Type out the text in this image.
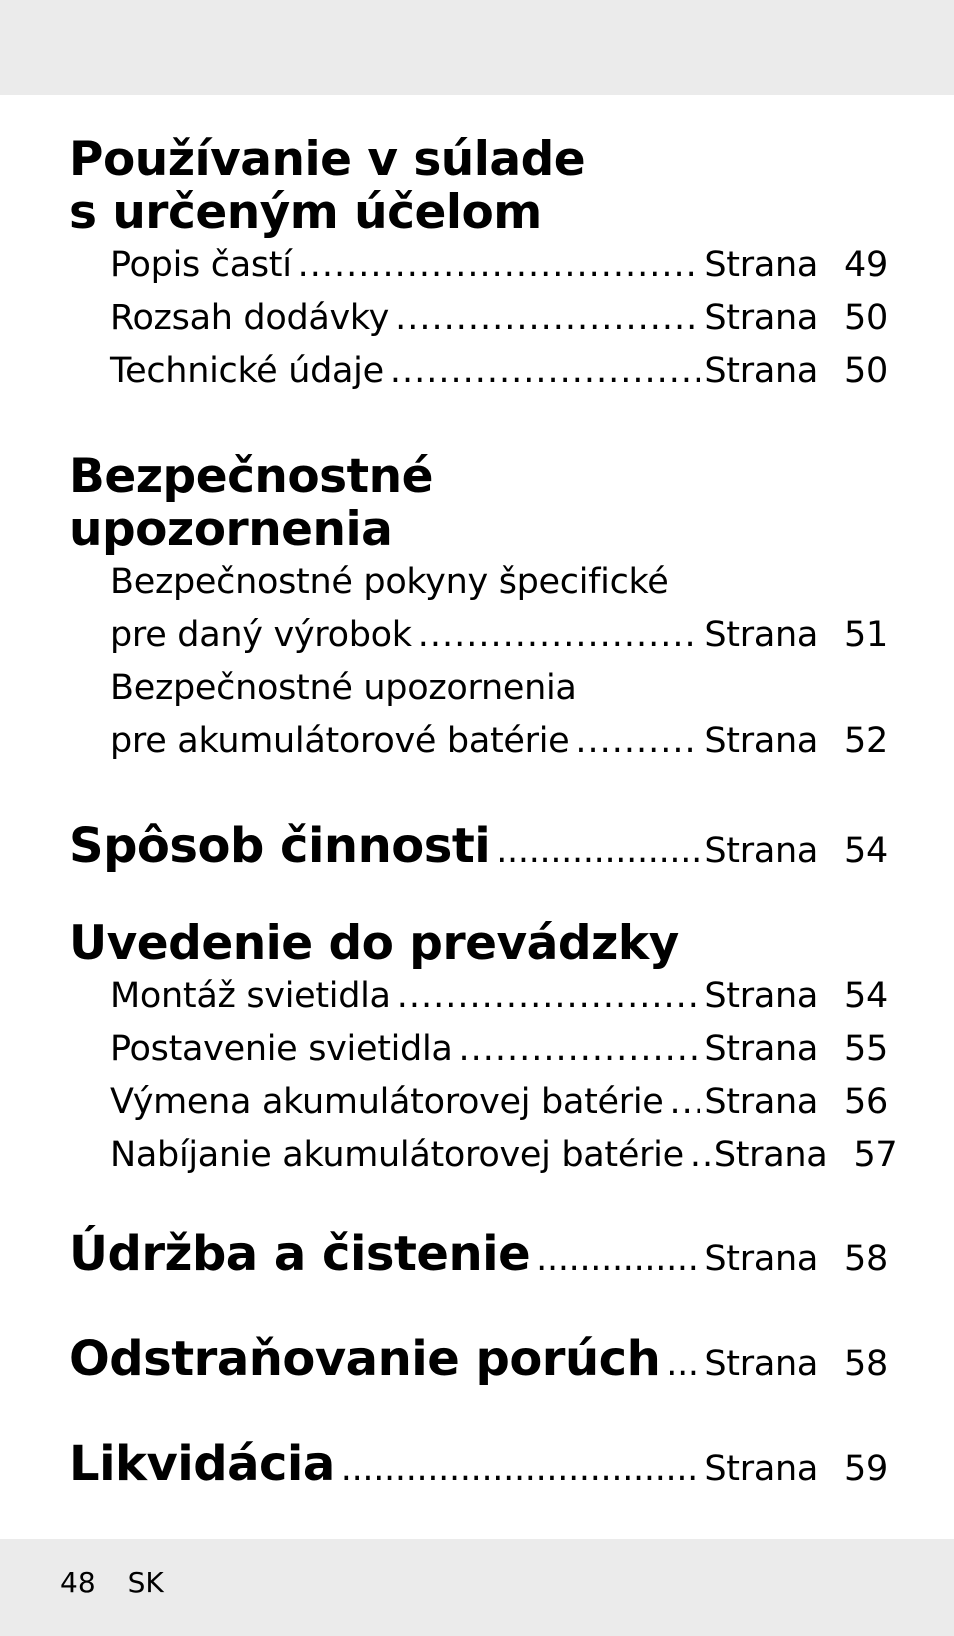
Používanie v súlade
s určeným účelom
Popis častí .....	Strana 49
Rozsah dodávky .....	Strana 50
Technické údaje .....	Strana 50
Bezpečnostné
upozornenia
Bezpečnostné pokyny špecifické
pre daný výrobok .....	Strana 51
Bezpečnostné upozornenia
pre akumulátorové batérie .....	Strana 52
Spôsob činnosti .....	Strana 54
Uvedenie do prevádzky
Montáž svietidla .....	Strana 54
Postavenie svietidla .....	Strana 55
Výmena akumulátorovej batérie ..... Strana 56
Nabíjanie akumulátorovej batérie ..... Strana 57
Údržba a čistenie .....	Strana 58
Odstraňovanie porúch ..... Strana 58
Likvidácia .....	Strana 59
48 SK
